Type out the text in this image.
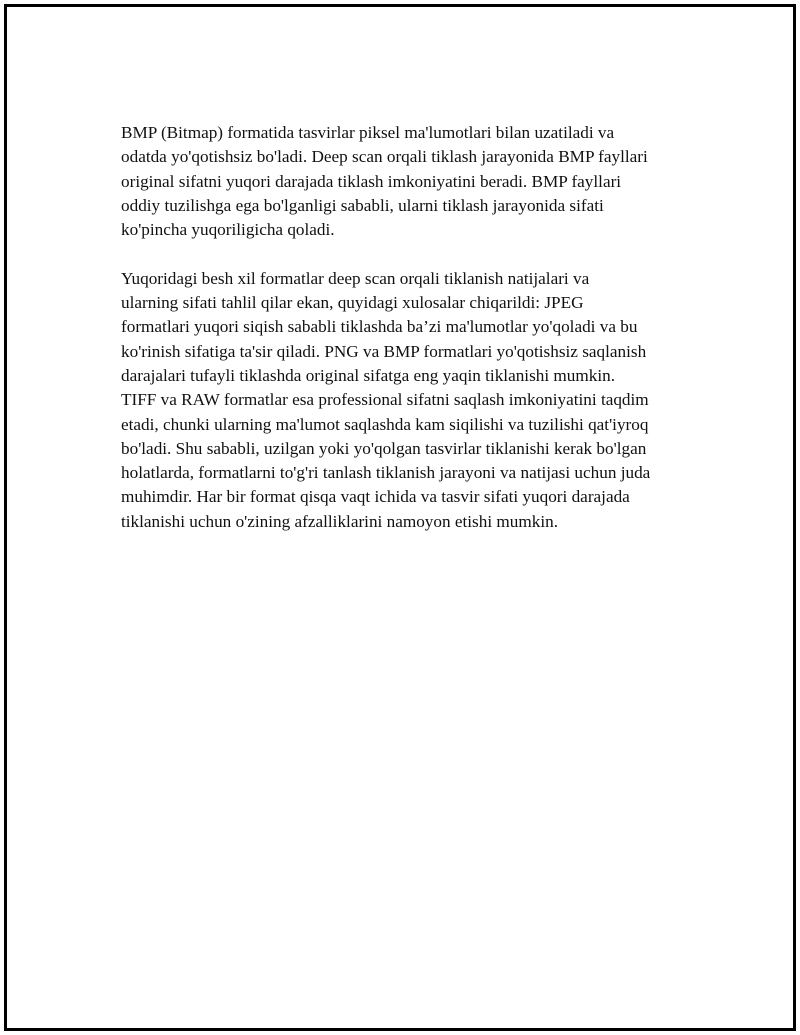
BMP (Bitmap) formatida tasvirlar piksel ma'lumotlari bilan uzatiladi va
odatda yo'qotishsiz bo'ladi. Deep scan orqali tiklash jarayonida BMP fayllari
original sifatni yuqori darajada tiklash imkoniyatini beradi. BMP fayllari
oddiy tuzilishga ega bo'lganligi sababli, ularni tiklash jarayonida sifati
ko'pincha yuqoriligicha qoladi.

Yuqoridagi besh xil formatlar deep scan orqali tiklanish natijalari va
ularning sifati tahlil qilar ekan, quyidagi xulosalar chiqarildi: JPEG
formatlari yuqori siqish sababli tiklashda ba’zi ma'lumotlar yo'qoladi va bu
ko'rinish sifatiga ta'sir qiladi. PNG va BMP formatlari yo'qotishsiz saqlanish
darajalari tufayli tiklashda original sifatga eng yaqin tiklanishi mumkin.
TIFF va RAW formatlar esa professional sifatni saqlash imkoniyatini taqdim
etadi, chunki ularning ma'lumot saqlashda kam siqilishi va tuzilishi qat'iyroq
bo'ladi. Shu sababli, uzilgan yoki yo'qolgan tasvirlar tiklanishi kerak bo'lgan
holatlarda, formatlarni to'g'ri tanlash tiklanish jarayoni va natijasi uchun juda
muhimdir. Har bir format qisqa vaqt ichida va tasvir sifati yuqori darajada
tiklanishi uchun o'zining afzalliklarini namoyon etishi mumkin.
